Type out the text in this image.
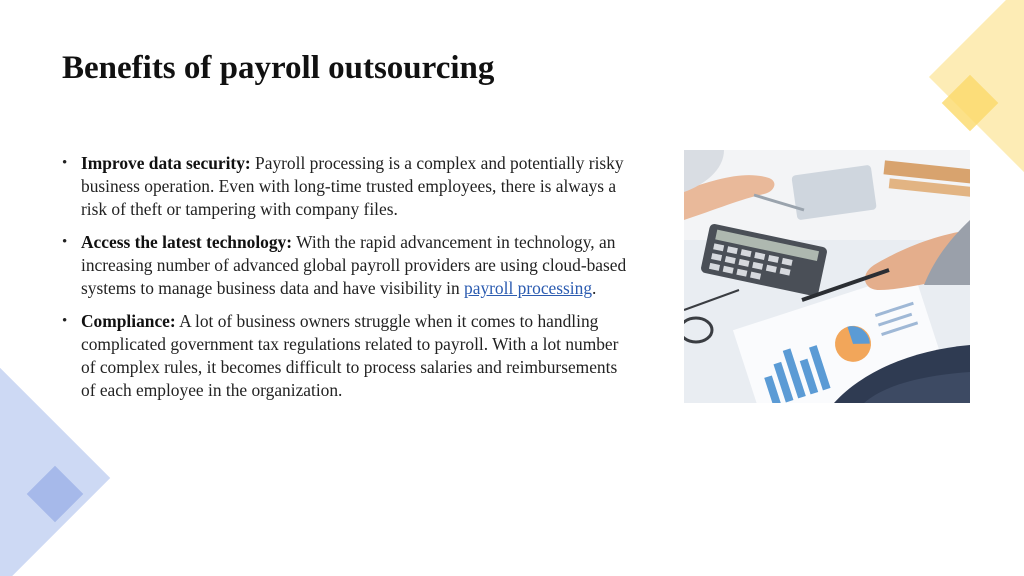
Benefits of payroll outsourcing
• Improve data security: Payroll processing is a complex and potentially risky business operation. Even with long-time trusted employees, there is always a risk of theft or tampering with company files.
• Access the latest technology: With the rapid advancement in technology, an increasing number of advanced global payroll providers are using cloud-based systems to manage business data and have visibility in payroll processing.
• Compliance: A lot of business owners struggle when it comes to handling complicated government tax regulations related to payroll. With a lot number of complex rules, it becomes difficult to process salaries and reimbursements of each employee in the organization.
